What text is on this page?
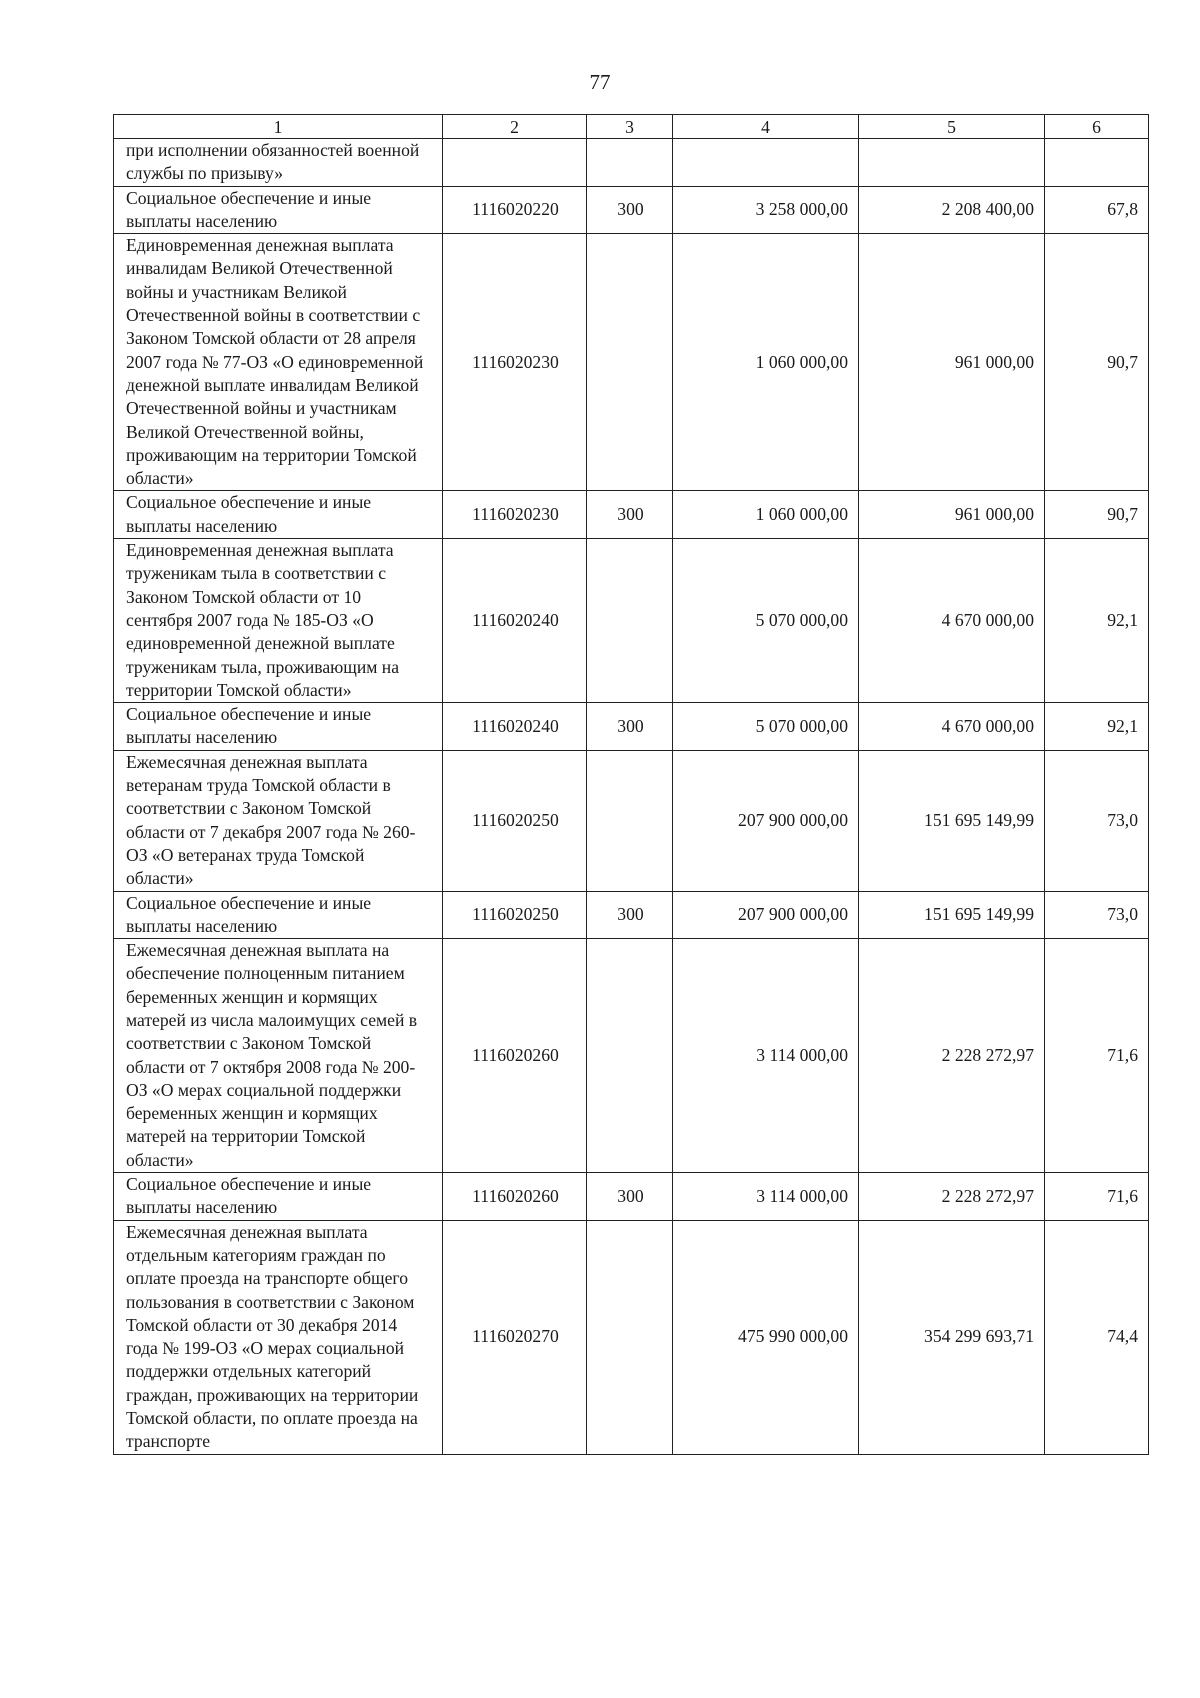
77
1	2	3	4	5	6
при исполнении обязанностей военной службы по призыву»					
Социальное обеспечение и иные выплаты населению	1116020220	300	3 258 000,00	2 208 400,00	67,8
Единовременная денежная выплата инвалидам Великой Отечественной войны и участникам Великой Отечественной войны в соответствии с Законом Томской области от 28 апреля 2007 года № 77-ОЗ «О единовременной денежной выплате инвалидам Великой Отечественной войны и участникам Великой Отечественной войны, проживающим на территории Томской области»	1116020230		1 060 000,00	961 000,00	90,7
Социальное обеспечение и иные выплаты населению	1116020230	300	1 060 000,00	961 000,00	90,7
Единовременная денежная выплата труженикам тыла в соответствии с Законом Томской области от 10 сентября 2007 года № 185-ОЗ «О единовременной денежной выплате труженикам тыла, проживающим на территории Томской области»	1116020240		5 070 000,00	4 670 000,00	92,1
Социальное обеспечение и иные выплаты населению	1116020240	300	5 070 000,00	4 670 000,00	92,1
Ежемесячная денежная выплата ветеранам труда Томской области в соответствии с Законом Томской области от 7 декабря 2007 года № 260-ОЗ «О ветеранах труда Томской области»	1116020250		207 900 000,00	151 695 149,99	73,0
Социальное обеспечение и иные выплаты населению	1116020250	300	207 900 000,00	151 695 149,99	73,0
Ежемесячная денежная выплата на обеспечение полноценным питанием беременных женщин и кормящих матерей из числа малоимущих семей в соответствии с Законом Томской области от 7 октября 2008 года № 200-ОЗ «О мерах социальной поддержки беременных женщин и кормящих матерей на территории Томской области»	1116020260		3 114 000,00	2 228 272,97	71,6
Социальное обеспечение и иные выплаты населению	1116020260	300	3 114 000,00	2 228 272,97	71,6
Ежемесячная денежная выплата отдельным категориям граждан по оплате проезда на транспорте общего пользования в соответствии с Законом Томской области от 30 декабря 2014 года № 199-ОЗ «О мерах социальной поддержки отдельных категорий граждан, проживающих на территории Томской области, по оплате проезда на транспорте	1116020270		475 990 000,00	354 299 693,71	74,4
